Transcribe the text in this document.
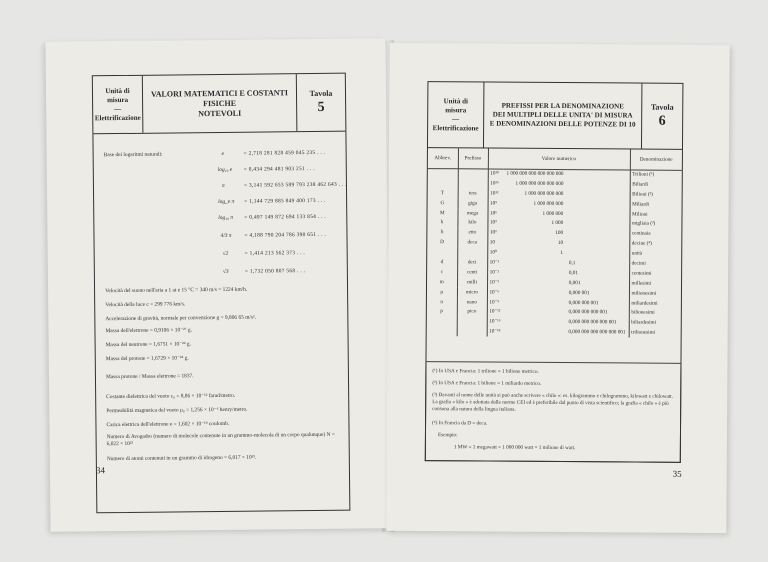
Unità di
misura
—
Elettrificazione
VALORI MATEMATICI E COSTANTI FISICHE
NOTEVOLI
Tavola
5
Base dei logaritmi naturali:	e	= 2,718 281 828 459 045 235 . . .
log₁₀ e = 0,434 294 481 903 251 . . .
π	= 3,141 592 653 589 793 238 462 643 . . .
log_e π = 1,144 729 885 849 400 173 . . .
log₁₀ π = 0,497 149 872 694 133 854 . . .
4/3 π = 4,188 790 204 786 390 651 . . .
√2	= 1,414 213 562 373 . . .
√3	= 1,732 050 807 568 . . .
Velocità del suono nell'aria a 1 at e 15 °C = 340 m/s = 1224 km/h.
Velocità della luce c = 299 776 km/s.
Accelerazione di gravità, normale per convenzione g = 9,806 65 m/s².
Massa dell'elettrone = 0,9106 × 10⁻²⁷ g.
Massa del neutrone = 1,6751 × 10⁻²⁴ g.
Massa del protone = 1,6729 × 10⁻²⁴ g.
Massa protone / Massa elettrone = 1837.
Costante dielettrica del vuoto ε₀ = 8,86 × 10⁻¹² farad/metro.
Permeabilità magnetica del vuoto μ₀ = 1,256 × 10⁻⁶ henry/metro.
Carica elettrica dell'elettrone e = 1,602 × 10⁻¹⁹ coulomb.
Numero di Avogadro (numero di molecole contenute in un grammo-molecola di un corpo qualunque) N = 6,022 × 10²³
Numero di atomi contenuti in un grammo di idrogeno = 6,017 × 10²³.
34
Unità di
misura
—
Elettrificazione
PREFISSI PER LA DENOMINAZIONE
DEI MULTIPLI DELLE UNITA' DI MISURA
E DENOMINAZIONI DELLE POTENZE DI 10
Tavola
6
Abbrev.	Prefisso	Valore numerico			Denominazione
		10¹⁸	1 000 000 000 000 000 000		Trilioni (¹)
		10¹⁵	1 000 000 000 000 000		Biliardi
T	tera	10¹²	1 000 000 000 000		Bilioni (²)
G	giga	10⁹	1 000 000 000		Miliardi
M	mega	10⁶	1 000 000		Milioni
k	kilo	10³	1 000		migliaia (³)
h	etto	10²	100		centinaia
D	deca	10	10		decine (⁴)
		10⁰	1		unità
d	deci	10⁻¹		0,1	decimi
c	centi	10⁻²		0,01	centesimi
m	milli	10⁻³		0,001	millesimi
μ	micro	10⁻⁶		0,000 001	milionesimi
n	nano	10⁻⁹		0,000 000 001	miliardesimi
p	pico	10⁻¹²		0,000 000 000 001	bilionesimi
		10⁻¹⁵		0,000 000 000 000 001	biliardesimi
		10⁻¹⁸		0,000 000 000 000 000 001	trilionesimi
(¹) In USA e Francia: 1 trilione = 1 bilione metrico.
(²) In USA e Francia: 1 bilione = 1 miliardo metrico.
(³) Davanti al nome delle unità si può anche scrivere « chilo »: es. kilogrammo e chilogrammo, kilowatt e chilowatt. La grafia « kilo » è adottata dalle norme CEI ed è preferibile dal punto di vista scientifico; la grafia « chilo » è più consona alla natura della lingua italiana.
(⁴) In Francia da D = deca.
Esempio:
1 MW = 1 megawatt = 1 000 000 watt = 1 milione di watt.
35
